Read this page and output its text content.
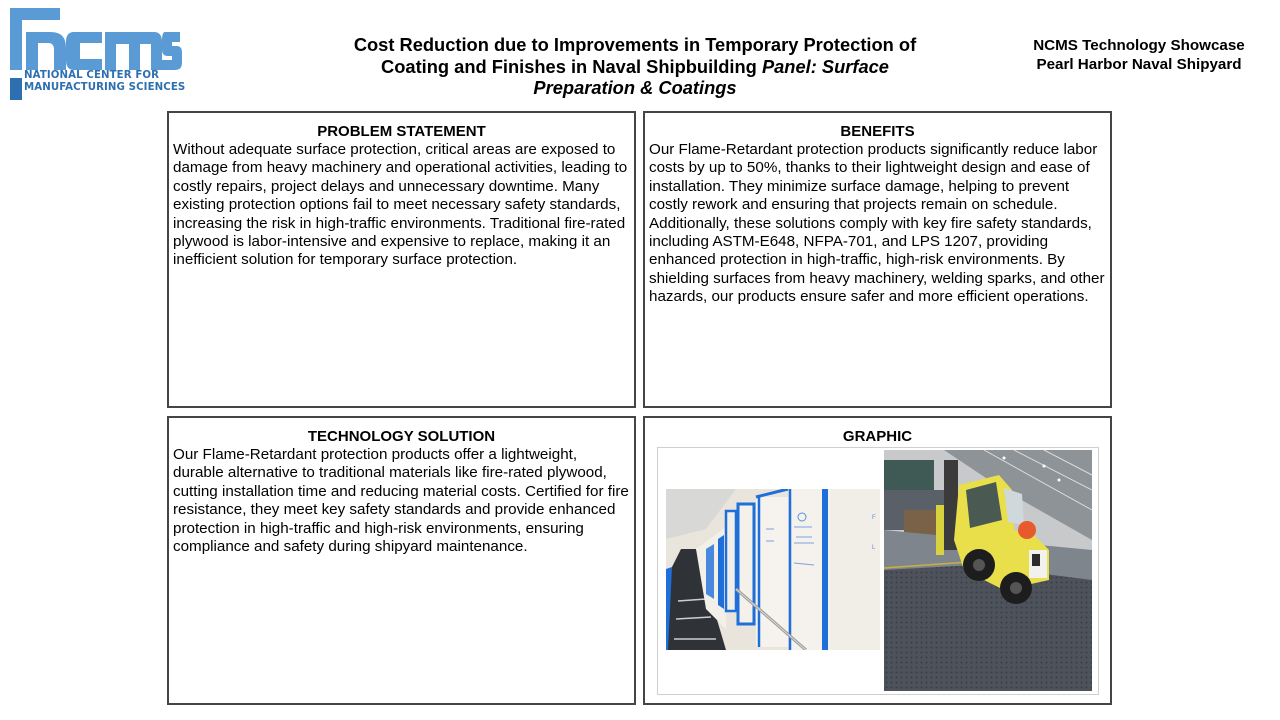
NATIONAL CENTER FOR
MANUFACTURING SCIENCES
Cost Reduction due to Improvements in Temporary Protection of Coating and Finishes in Naval Shipbuilding Panel: Surface Preparation & Coatings
NCMS Technology Showcase
Pearl Harbor Naval Shipyard
PROBLEM STATEMENT
Without adequate surface protection, critical areas are exposed to damage from heavy machinery and operational activities, leading to costly repairs, project delays and unnecessary downtime. Many existing protection options fail to meet necessary safety standards, increasing the risk in high-traffic environments. Traditional fire-rated plywood is labor-intensive and expensive to replace, making it an inefficient solution for temporary surface protection.
BENEFITS
Our Flame-Retardant protection products significantly reduce labor costs by up to 50%, thanks to their lightweight design and ease of installation. They minimize surface damage, helping to prevent costly rework and ensuring that projects remain on schedule. Additionally, these solutions comply with key fire safety standards, including ASTM-E648, NFPA-701, and LPS 1207, providing enhanced protection in high-traffic, high-risk environments. By shielding surfaces from heavy machinery, welding sparks, and other hazards, our products ensure safer and more efficient operations.
TECHNOLOGY SOLUTION
Our Flame-Retardant protection products offer a lightweight, durable alternative to traditional materials like fire-rated plywood, cutting installation time and reducing material costs. Certified for fire resistance, they meet key safety standards and provide enhanced protection in high-traffic and high-risk environments, ensuring compliance and safety during shipyard maintenance.
GRAPHIC
F
L
